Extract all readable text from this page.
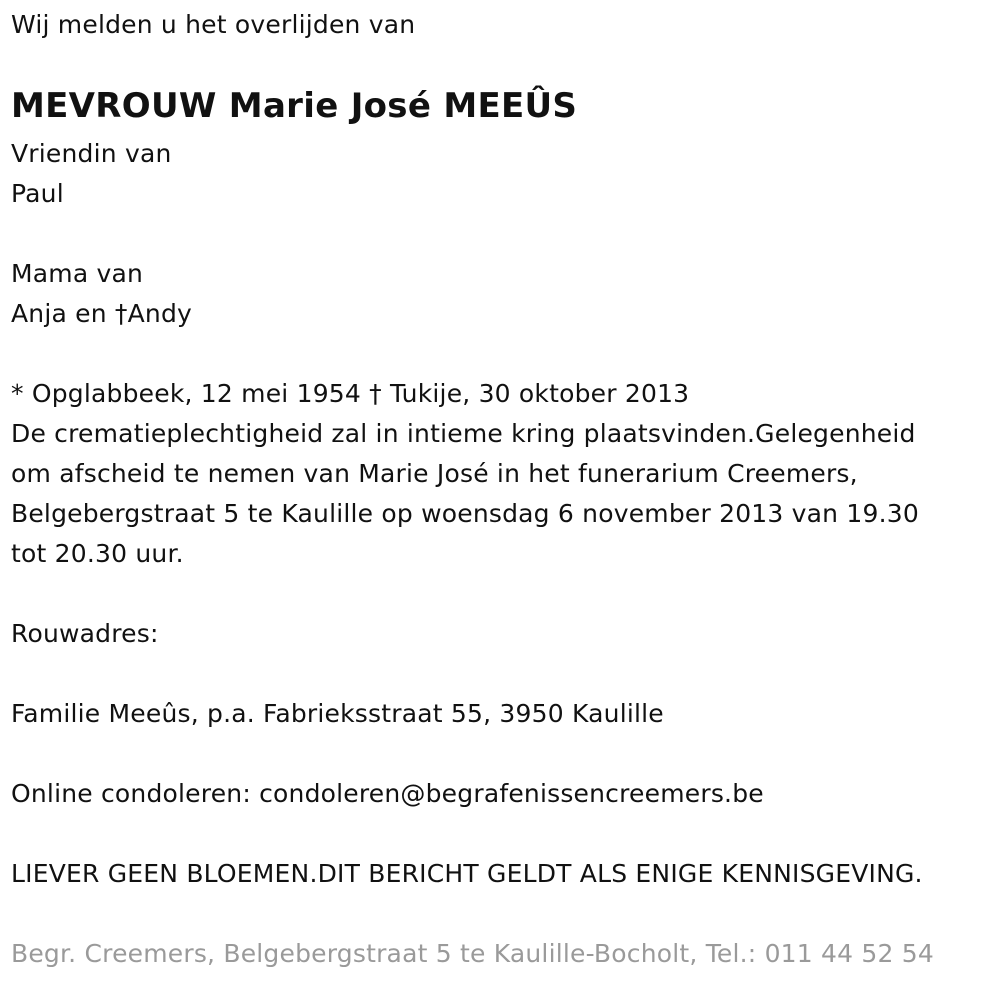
Wij melden u het overlijden van
MEVROUW Marie José MEEÛS
Vriendin van
Paul
Mama van
Anja en †Andy
* Opglabbeek, 12 mei 1954 † Tukije, 30 oktober 2013
De crematieplechtigheid zal in intieme kring plaatsvinden.Gelegenheid
om afscheid te nemen van Marie José in het funerarium Creemers,
Belgebergstraat 5 te Kaulille op woensdag 6 november 2013 van 19.30
tot 20.30 uur.
Rouwadres:
Familie Meeûs, p.a. Fabrieksstraat 55, 3950 Kaulille
Online condoleren: condoleren@begrafenissencreemers.be
LIEVER GEEN BLOEMEN.DIT BERICHT GELDT ALS ENIGE KENNISGEVING.
Begr. Creemers, Belgebergstraat 5 te Kaulille-Bocholt, Tel.: 011 44 52 54
